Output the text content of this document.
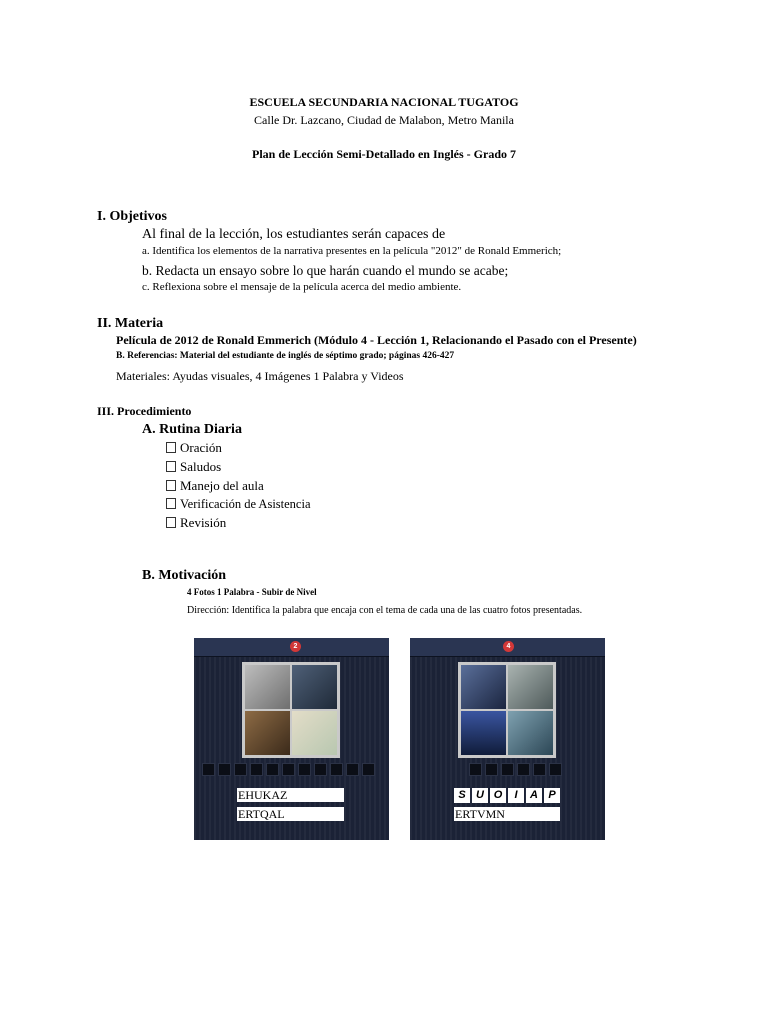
ESCUELA SECUNDARIA NACIONAL TUGATOG
Calle Dr. Lazcano, Ciudad de Malabon, Metro Manila
Plan de Lección Semi-Detallado en Inglés - Grado 7
I. Objetivos
Al final de la lección, los estudiantes serán capaces de
a. Identifica los elementos de la narrativa presentes en la película "2012" de Ronald Emmerich;
b. Redacta un ensayo sobre lo que harán cuando el mundo se acabe;
c. Reflexiona sobre el mensaje de la película acerca del medio ambiente.
II. Materia
Película de 2012 de Ronald Emmerich (Módulo 4 - Lección 1, Relacionando el Pasado con el Presente)
B. Referencias: Material del estudiante de inglés de séptimo grado; páginas 426-427
Materiales: Ayudas visuales, 4 Imágenes 1 Palabra y Videos
III. Procedimiento
A. Rutina Diaria
Oración
Saludos
Manejo del aula
Verificación de Asistencia
Revisión
B. Motivación
4 Fotos 1 Palabra - Subir de Nivel
Dirección: Identifica la palabra que encaja con el tema de cada una de las cuatro fotos presentadas.
2
EHUKAZ
ERTQAL
4
S U O	I	A P
ERTVMN
